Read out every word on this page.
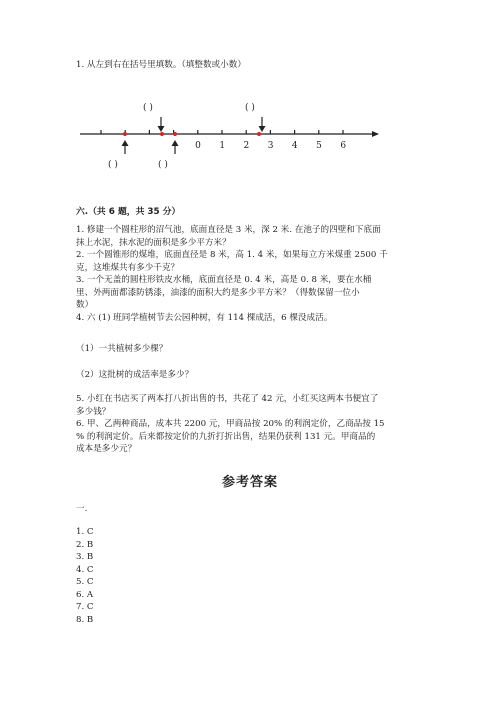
1. 从左到右在括号里填数。（填整数或小数）
( )	( )
( )	( )
0 1 2 3 4 5 6
六.（共 6 题，共 35 分）
1. 修建一个圆柱形的沼气池，底面直径是 3 米，深 2 米. 在池子的四壁和下底面
抹上水泥，抹水泥的面积是多少平方米？
2. 一个圆锥形的煤堆，底面直径是 8 米，高 1. 4 米，如果每立方米煤重 2500 千
克，这堆煤共有多少千克？
3. 一个无盖的圆柱形铁皮水桶，底面直径是 0. 4 米，高是 0. 8 米，要在水桶
里、外两面都漆防锈漆，油漆的面积大约是多少平方米？（得数保留一位小
数）
4. 六 (1) 班同学植树节去公园种树，有 114 棵成活，6 棵没成活。
（1）一共植树多少棵？
（2）这批树的成活率是多少？
5. 小红在书店买了两本打八折出售的书，共花了 42 元，小红买这两本书便宜了
多少钱？
6. 甲、乙两种商品，成本共 2200 元，甲商品按 20% 的利润定价，乙商品按 15
% 的利润定价。后来都按定价的九折打折出售，结果仍获利 131 元。甲商品的
成本是多少元？
参考答案
一.
1. C
2. B
3. B
4. C
5. C
6. A
7. C
8. B
